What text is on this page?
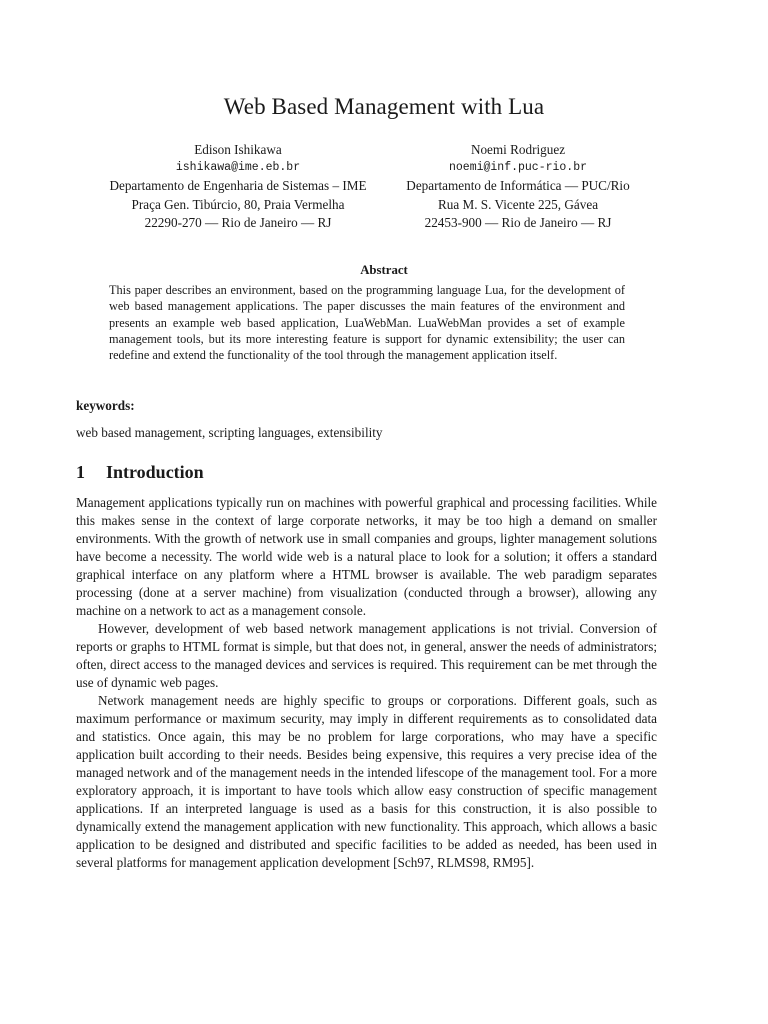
Web Based Management with Lua
Edison Ishikawa
ishikawa@ime.eb.br
Departamento de Engenharia de Sistemas – IME
Praça Gen. Tibúrcio, 80, Praia Vermelha
22290-270 — Rio de Janeiro — RJ
Noemi Rodriguez
noemi@inf.puc-rio.br
Departamento de Informática — PUC/Rio
Rua M. S. Vicente 225, Gávea
22453-900 — Rio de Janeiro — RJ
Abstract
This paper describes an environment, based on the programming language Lua, for the development of web based management applications. The paper discusses the main features of the environment and presents an example web based application, LuaWebMan. LuaWebMan provides a set of example management tools, but its more interesting feature is support for dynamic extensibility; the user can redefine and extend the functionality of the tool through the management application itself.
keywords:
web based management, scripting languages, extensibility
1 Introduction

Management applications typically run on machines with powerful graphical and processing facilities. While this makes sense in the context of large corporate networks, it may be too high a demand on smaller environments. With the growth of network use in small companies and groups, lighter management solutions have become a necessity. The world wide web is a natural place to look for a solution; it offers a standard graphical interface on any platform where a HTML browser is available. The web paradigm separates processing (done at a server machine) from visualization (conducted through a browser), allowing any machine on a network to act as a management console.

However, development of web based network management applications is not trivial. Conversion of reports or graphs to HTML format is simple, but that does not, in general, answer the needs of administrators; often, direct access to the managed devices and services is required. This requirement can be met through the use of dynamic web pages.

Network management needs are highly specific to groups or corporations. Different goals, such as maximum performance or maximum security, may imply in different requirements as to consolidated data and statistics. Once again, this may be no problem for large corporations, who may have a specific application built according to their needs. Besides being expensive, this requires a very precise idea of the managed network and of the management needs in the intended lifescope of the management tool. For a more exploratory approach, it is important to have tools which allow easy construction of specific management applications. If an interpreted language is used as a basis for this construction, it is also possible to dynamically extend the management application with new functionality. This approach, which allows a basic application to be designed and distributed and specific facilities to be added as needed, has been used in several platforms for management application development [Sch97, RLMS98, RM95].
